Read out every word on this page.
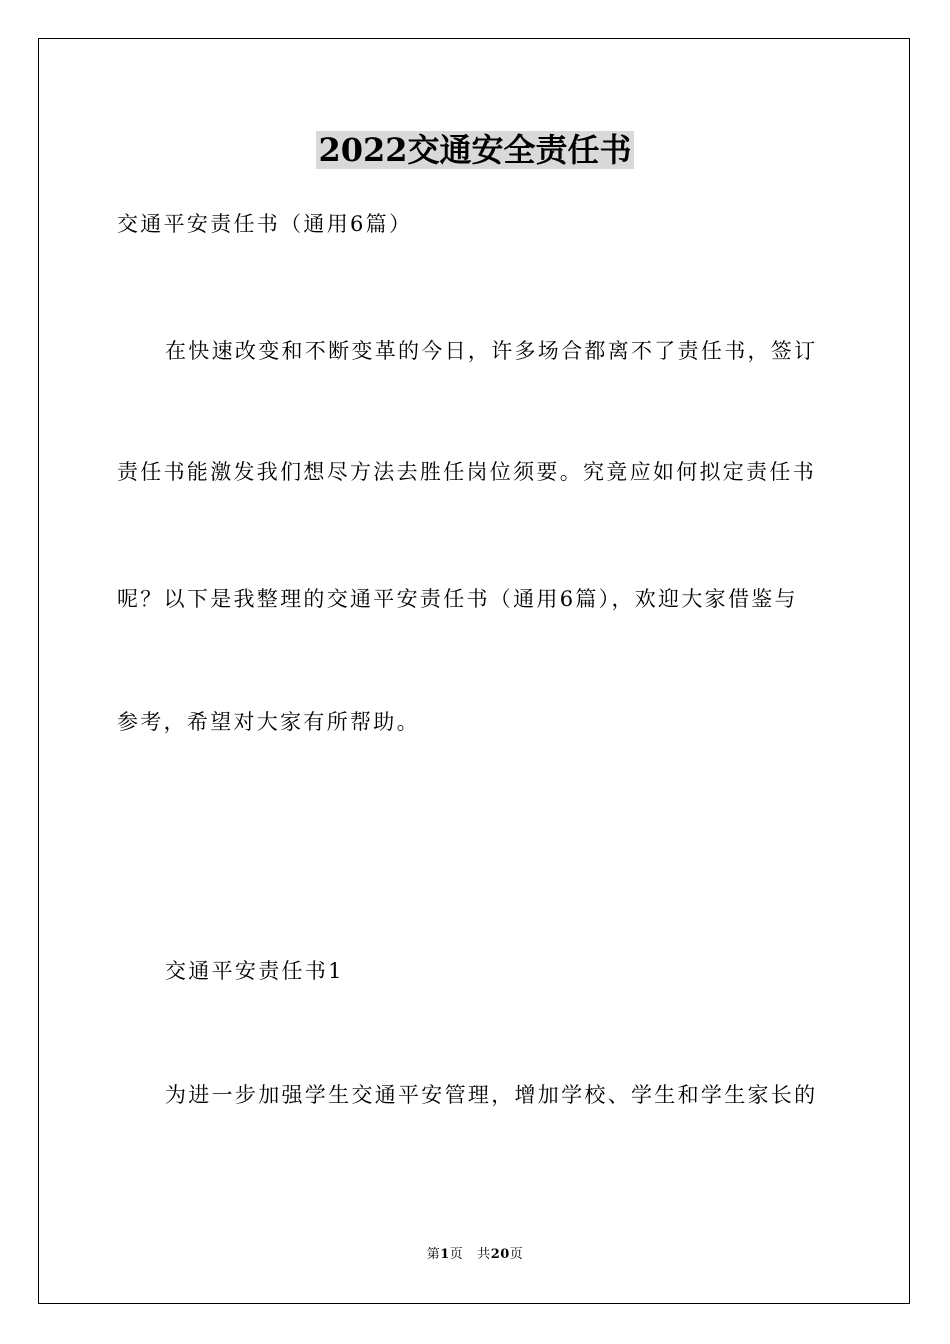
2022交通安全责任书
交通平安责任书（通用6篇）
在快速改变和不断变革的今日，许多场合都离不了责任书，签订
责任书能激发我们想尽方法去胜任岗位须要。究竟应如何拟定责任书
呢？以下是我整理的交通平安责任书（通用6篇），欢迎大家借鉴与
参考，希望对大家有所帮助。
交通平安责任书1
为进一步加强学生交通平安管理，增加学校、学生和学生家长的
第1页 共20页
